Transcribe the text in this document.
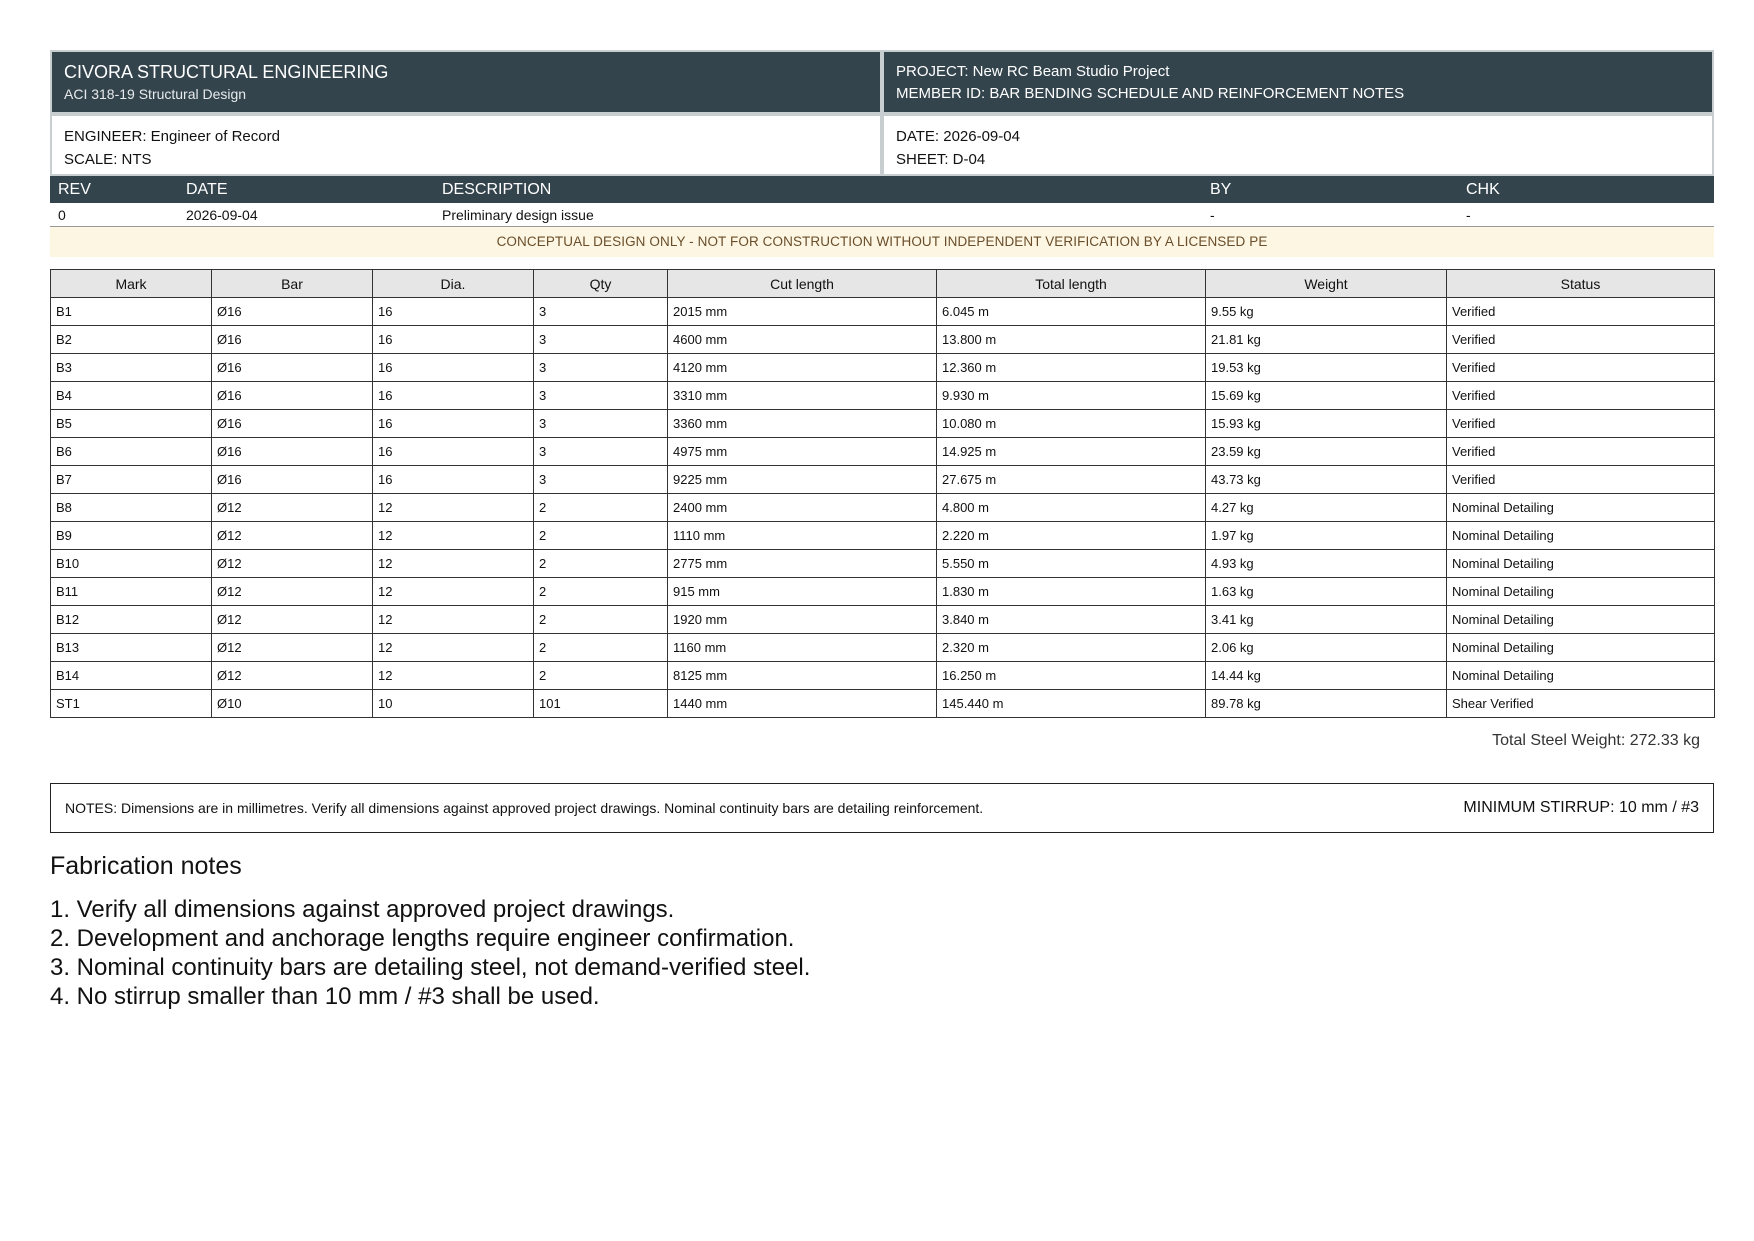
CIVORA STRUCTURAL ENGINEERING
ACI 318-19 Structural Design
PROJECT: New RC Beam Studio Project
MEMBER ID: BAR BENDING SCHEDULE AND REINFORCEMENT NOTES
ENGINEER: Engineer of Record
SCALE: NTS
DATE: 2026-09-04
SHEET: D-04
REV	DATE	DESCRIPTION	BY	CHK
0	2026-09-04	Preliminary design issue	-	-
CONCEPTUAL DESIGN ONLY - NOT FOR CONSTRUCTION WITHOUT INDEPENDENT VERIFICATION BY A LICENSED PE
Mark	Bar	Dia.	Qty	Cut length	Total length	Weight	Status
B1	Ø16	16	3	2015 mm	6.045 m	9.55 kg	Verified
B2	Ø16	16	3	4600 mm	13.800 m	21.81 kg	Verified
B3	Ø16	16	3	4120 mm	12.360 m	19.53 kg	Verified
B4	Ø16	16	3	3310 mm	9.930 m	15.69 kg	Verified
B5	Ø16	16	3	3360 mm	10.080 m	15.93 kg	Verified
B6	Ø16	16	3	4975 mm	14.925 m	23.59 kg	Verified
B7	Ø16	16	3	9225 mm	27.675 m	43.73 kg	Verified
B8	Ø12	12	2	2400 mm	4.800 m	4.27 kg	Nominal Detailing
B9	Ø12	12	2	1110 mm	2.220 m	1.97 kg	Nominal Detailing
B10	Ø12	12	2	2775 mm	5.550 m	4.93 kg	Nominal Detailing
B11	Ø12	12	2	915 mm	1.830 m	1.63 kg	Nominal Detailing
B12	Ø12	12	2	1920 mm	3.840 m	3.41 kg	Nominal Detailing
B13	Ø12	12	2	1160 mm	2.320 m	2.06 kg	Nominal Detailing
B14	Ø12	12	2	8125 mm	16.250 m	14.44 kg	Nominal Detailing
ST1	Ø10	10	101	1440 mm	145.440 m	89.78 kg	Shear Verified
Total Steel Weight: 272.33 kg
NOTES: Dimensions are in millimetres. Verify all dimensions against approved project drawings. Nominal continuity bars are detailing reinforcement.	MINIMUM STIRRUP: 10 mm / #3
Fabrication notes
1. Verify all dimensions against approved project drawings.
2. Development and anchorage lengths require engineer confirmation.
3. Nominal continuity bars are detailing steel, not demand-verified steel.
4. No stirrup smaller than 10 mm / #3 shall be used.
